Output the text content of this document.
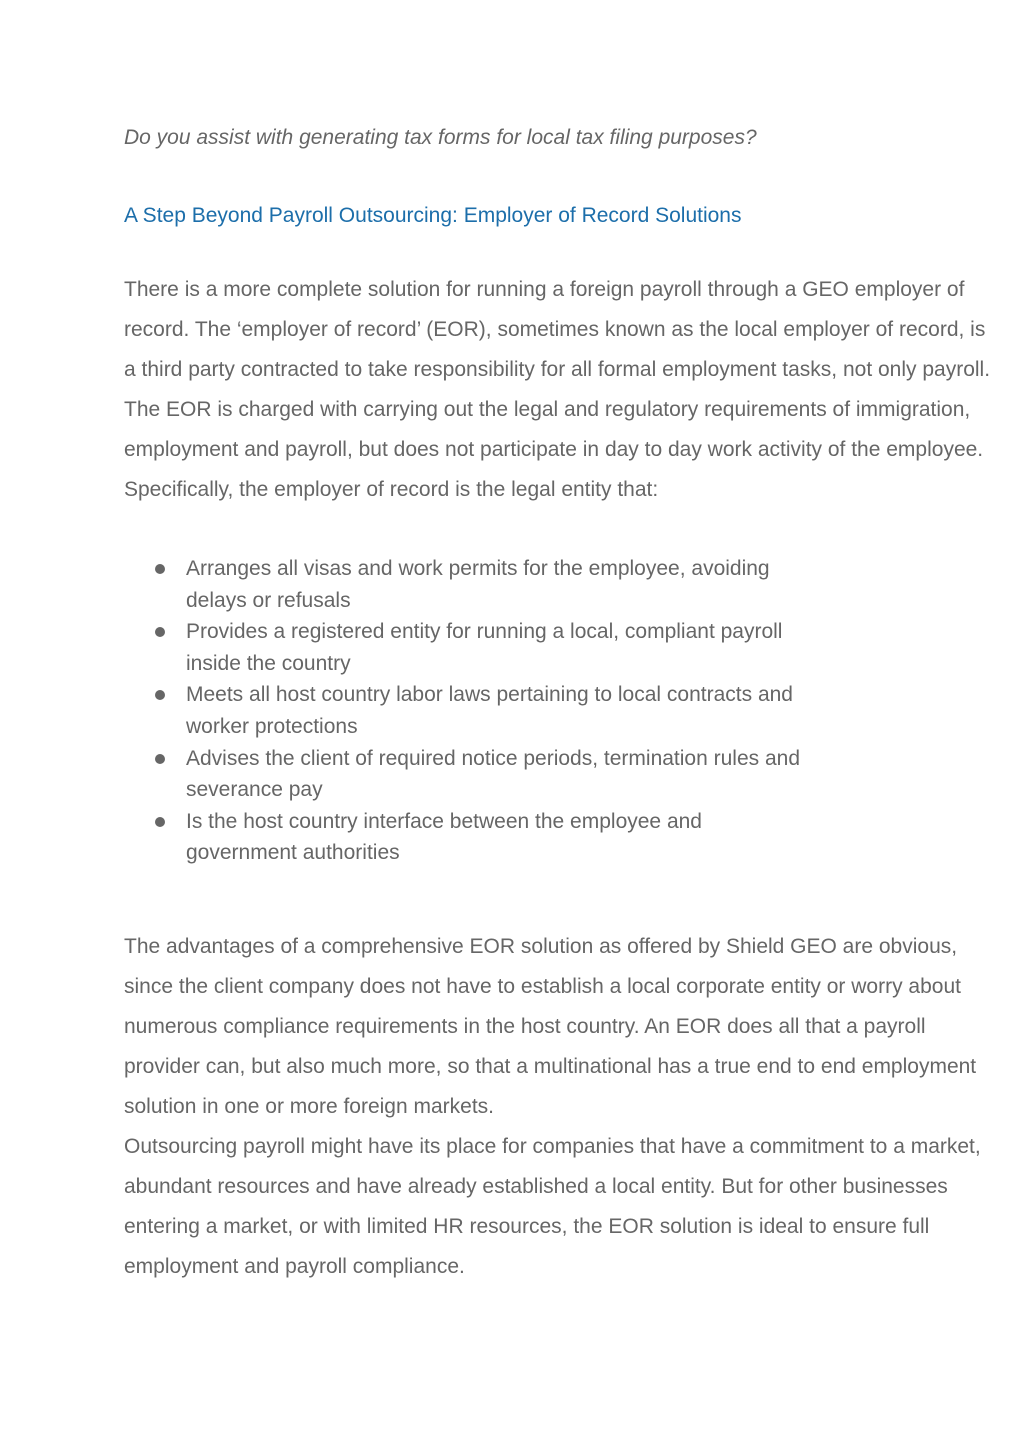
Do you assist with generating tax forms for local tax filing purposes?
A Step Beyond Payroll Outsourcing: Employer of Record Solutions
There is a more complete solution for running a foreign payroll through a GEO employer of
record. The ‘employer of record’ (EOR), sometimes known as the local employer of record, is
a third party contracted to take responsibility for all formal employment tasks, not only payroll.
The EOR is charged with carrying out the legal and regulatory requirements of immigration,
employment and payroll, but does not participate in day to day work activity of the employee.
Specifically, the employer of record is the legal entity that:
Arranges all visas and work permits for the employee, avoiding
delays or refusals
Provides a registered entity for running a local, compliant payroll
inside the country
Meets all host country labor laws pertaining to local contracts and
worker protections
Advises the client of required notice periods, termination rules and
severance pay
Is the host country interface between the employee and
government authorities
The advantages of a comprehensive EOR solution as offered by Shield GEO are obvious,
since the client company does not have to establish a local corporate entity or worry about
numerous compliance requirements in the host country. An EOR does all that a payroll
provider can, but also much more, so that a multinational has a true end to end employment
solution in one or more foreign markets.
Outsourcing payroll might have its place for companies that have a commitment to a market,
abundant resources and have already established a local entity. But for other businesses
entering a market, or with limited HR resources, the EOR solution is ideal to ensure full
employment and payroll compliance.
